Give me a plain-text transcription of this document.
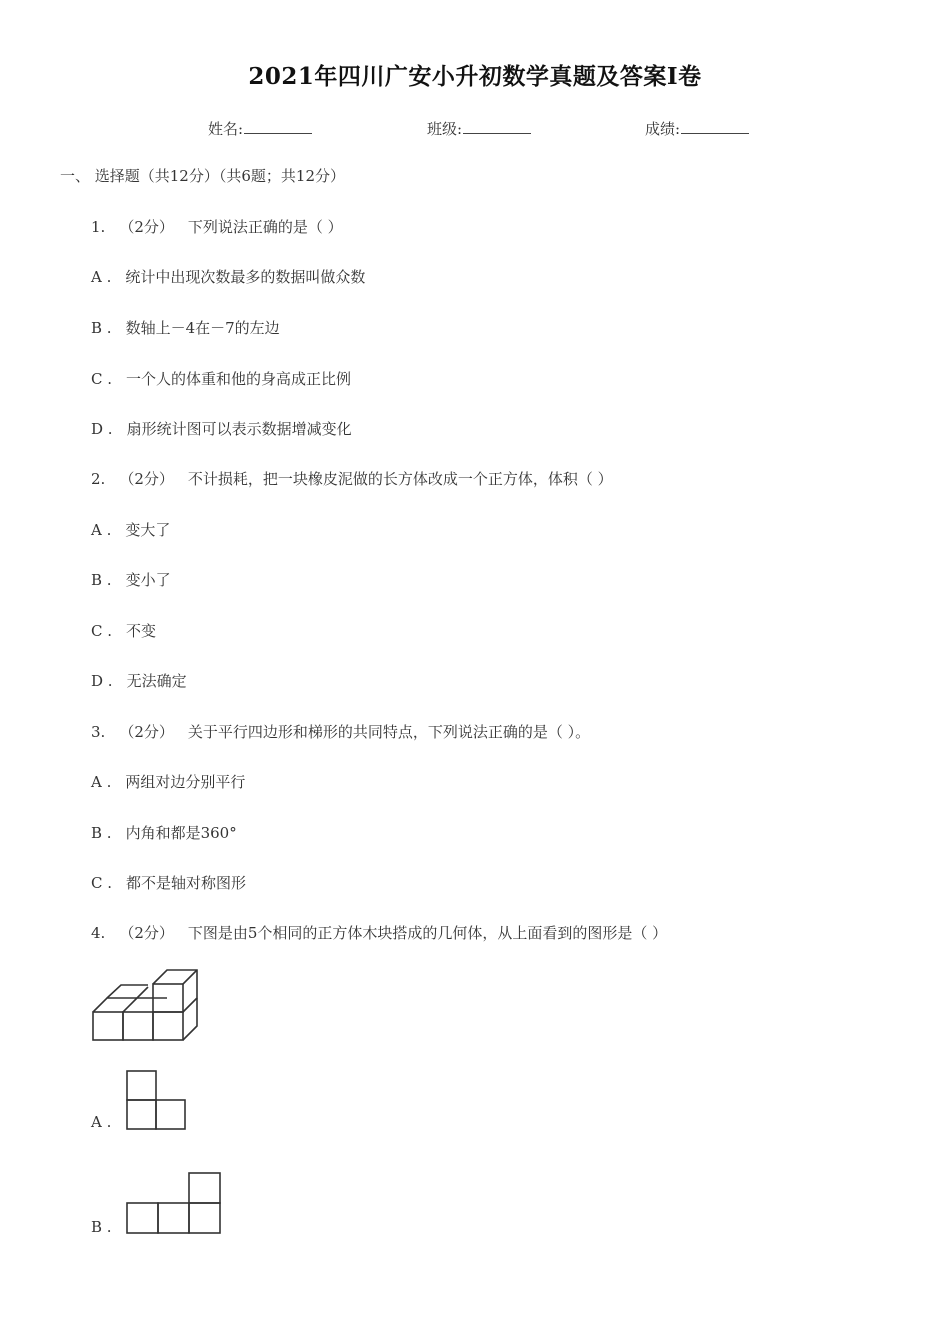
2021年四川广安小升初数学真题及答案Ⅰ卷
姓名:	班级:	成绩:
一、 选择题（共12分）（共6题；共12分）
1. （2分） 下列说法正确的是（ ）
A . 统计中出现次数最多的数据叫做众数
B . 数轴上－4在－7的左边
C . 一个人的体重和他的身高成正比例
D . 扇形统计图可以表示数据增减变化
2. （2分） 不计损耗，把一块橡皮泥做的长方体改成一个正方体，体积（ ）
A . 变大了
B . 变小了
C . 不变
D . 无法确定
3. （2分） 关于平行四边形和梯形的共同特点，下列说法正确的是（ ）。
A . 两组对边分别平行
B . 内角和都是360°
C . 都不是轴对称图形
4. （2分） 下图是由5个相同的正方体木块搭成的几何体，从上面看到的图形是（ ）
A .
B .
